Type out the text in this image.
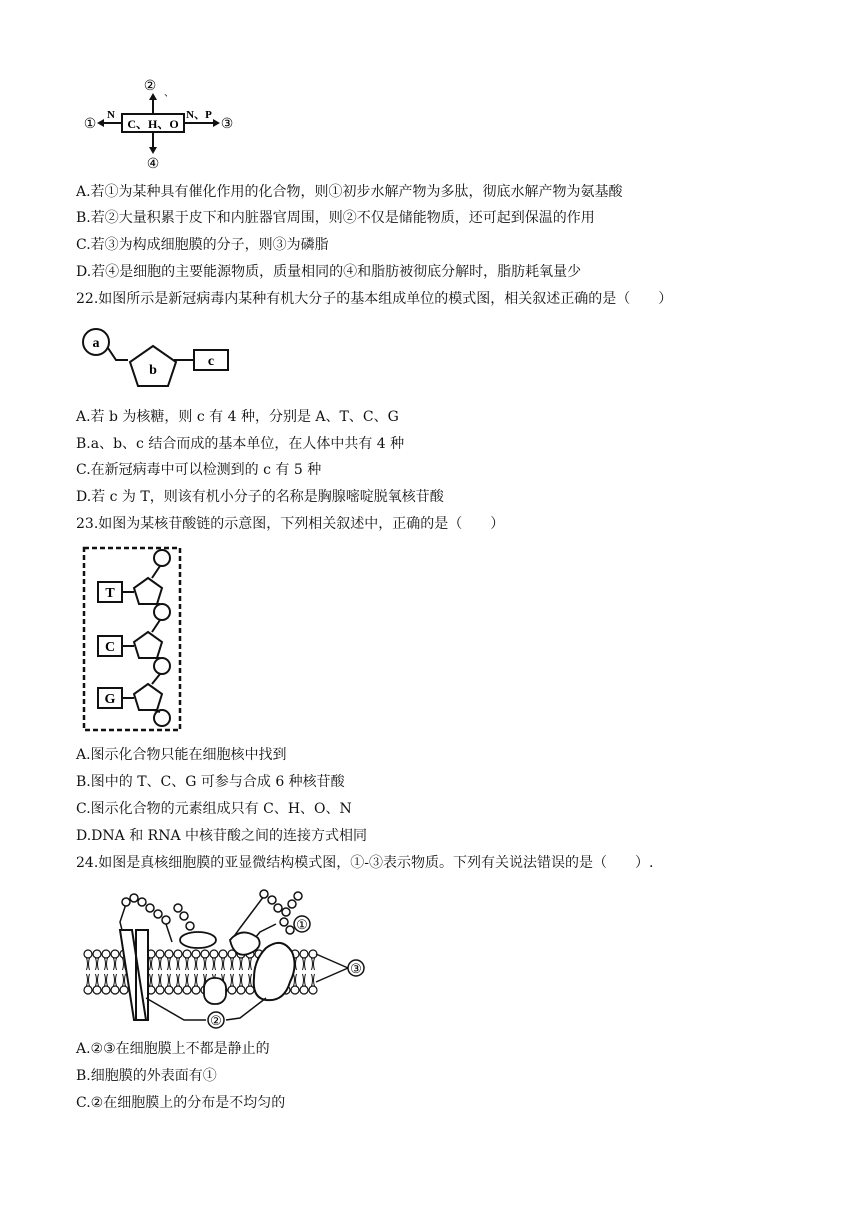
C、H、O
② 、
④
N
①
N、P
③
A.若①为某种具有催化作用的化合物，则①初步水解产物为多肽，彻底水解产物为氨基酸
B.若②大量积累于皮下和内脏器官周围，则②不仅是储能物质，还可起到保温的作用
C.若③为构成细胞膜的分子，则③为磷脂
D.若④是细胞的主要能源物质，质量相同的④和脂肪被彻底分解时，脂肪耗氧量少
22.如图所示是新冠病毒内某种有机大分子的基本组成单位的模式图，相关叙述正确的是（　　）
a
b
c
A.若 b 为核糖，则 c 有 4 种，分别是 A、T、C、G
B.a、b、c 结合而成的基本单位，在人体中共有 4 种
C.在新冠病毒中可以检测到的 c 有 5 种
D.若 c 为 T，则该有机小分子的名称是胸腺嘧啶脱氧核苷酸
23.如图为某核苷酸链的示意图，下列相关叙述中，正确的是（　　）
T
C
G
A.图示化合物只能在细胞核中找到
B.图中的 T、C、G 可参与合成 6 种核苷酸
C.图示化合物的元素组成只有 C、H、O、N
D.DNA 和 RNA 中核苷酸之间的连接方式相同
24.如图是真核细胞膜的亚显微结构模式图，①-③表示物质。下列有关说法错误的是（　　）.
①
③
②
A.②③在细胞膜上不都是静止的
B.细胞膜的外表面有①
C.②在细胞膜上的分布是不均匀的
